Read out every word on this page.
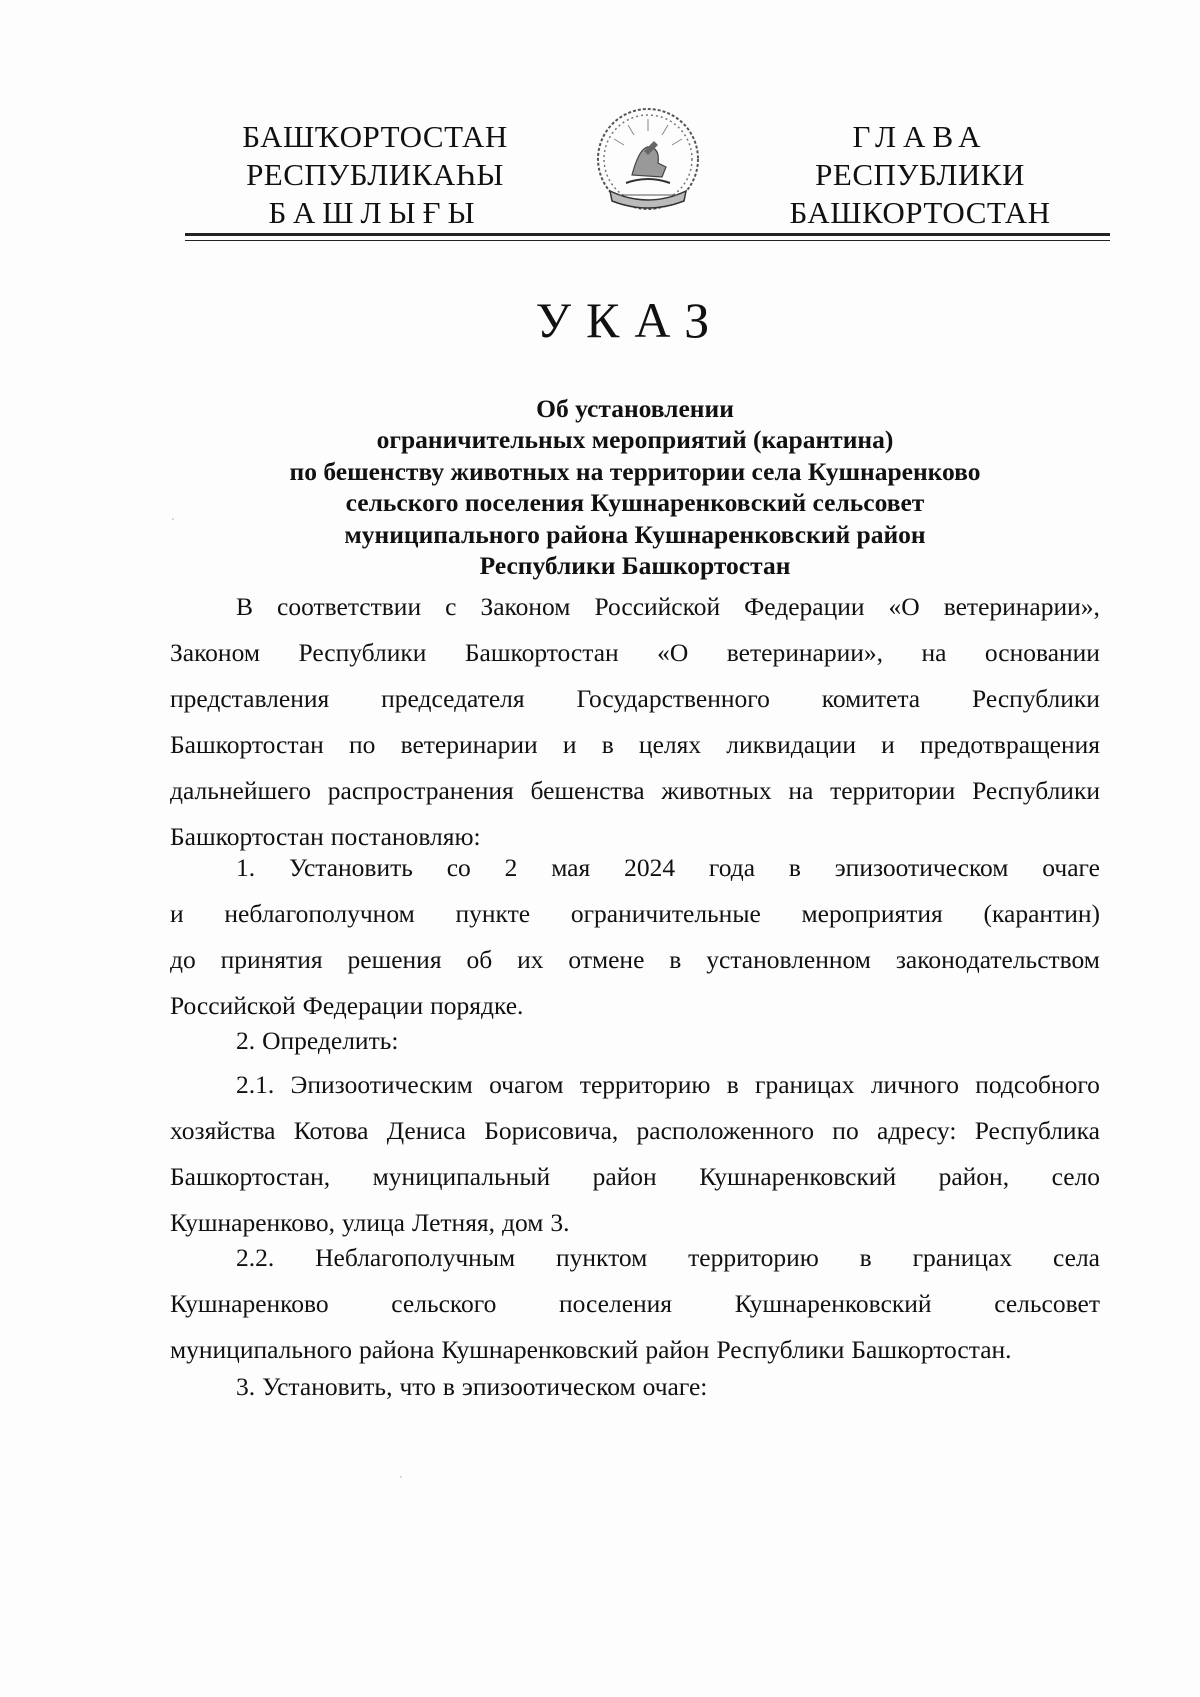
БАШҠОРТОСТАН
РЕСПУБЛИКАҺЫ
БАШЛЫҒЫ
ГЛАВА
РЕСПУБЛИКИ
БАШКОРТОСТАН
УКАЗ
Об установлении
ограничительных мероприятий (карантина)
по бешенству животных на территории села Кушнаренково
сельского поселения Кушнаренковский сельсовет
муниципального района Кушнаренковский район
Республики Башкортостан
В соответствии с Законом Российской Федерации «О ветеринарии»,
Законом Республики Башкортостан «О ветеринарии», на основании
представления председателя Государственного комитета Республики
Башкортостан по ветеринарии и в целях ликвидации и предотвращения
дальнейшего распространения бешенства животных на территории Республики
Башкортостан постановляю:
1. Установить со 2 мая 2024 года в эпизоотическом очаге
и неблагополучном пункте ограничительные мероприятия (карантин)
до принятия решения об их отмене в установленном законодательством
Российской Федерации порядке.
2. Определить:
2.1. Эпизоотическим очагом территорию в границах личного подсобного
хозяйства Котова Дениса Борисовича, расположенного по адресу: Республика
Башкортостан, муниципальный район Кушнаренковский район, село
Кушнаренково, улица Летняя, дом 3.
2.2. Неблагополучным пунктом территорию в границах села
Кушнаренково сельского поселения Кушнаренковский сельсовет
муниципального района Кушнаренковский район Республики Башкортостан.
3. Установить, что в эпизоотическом очаге:
